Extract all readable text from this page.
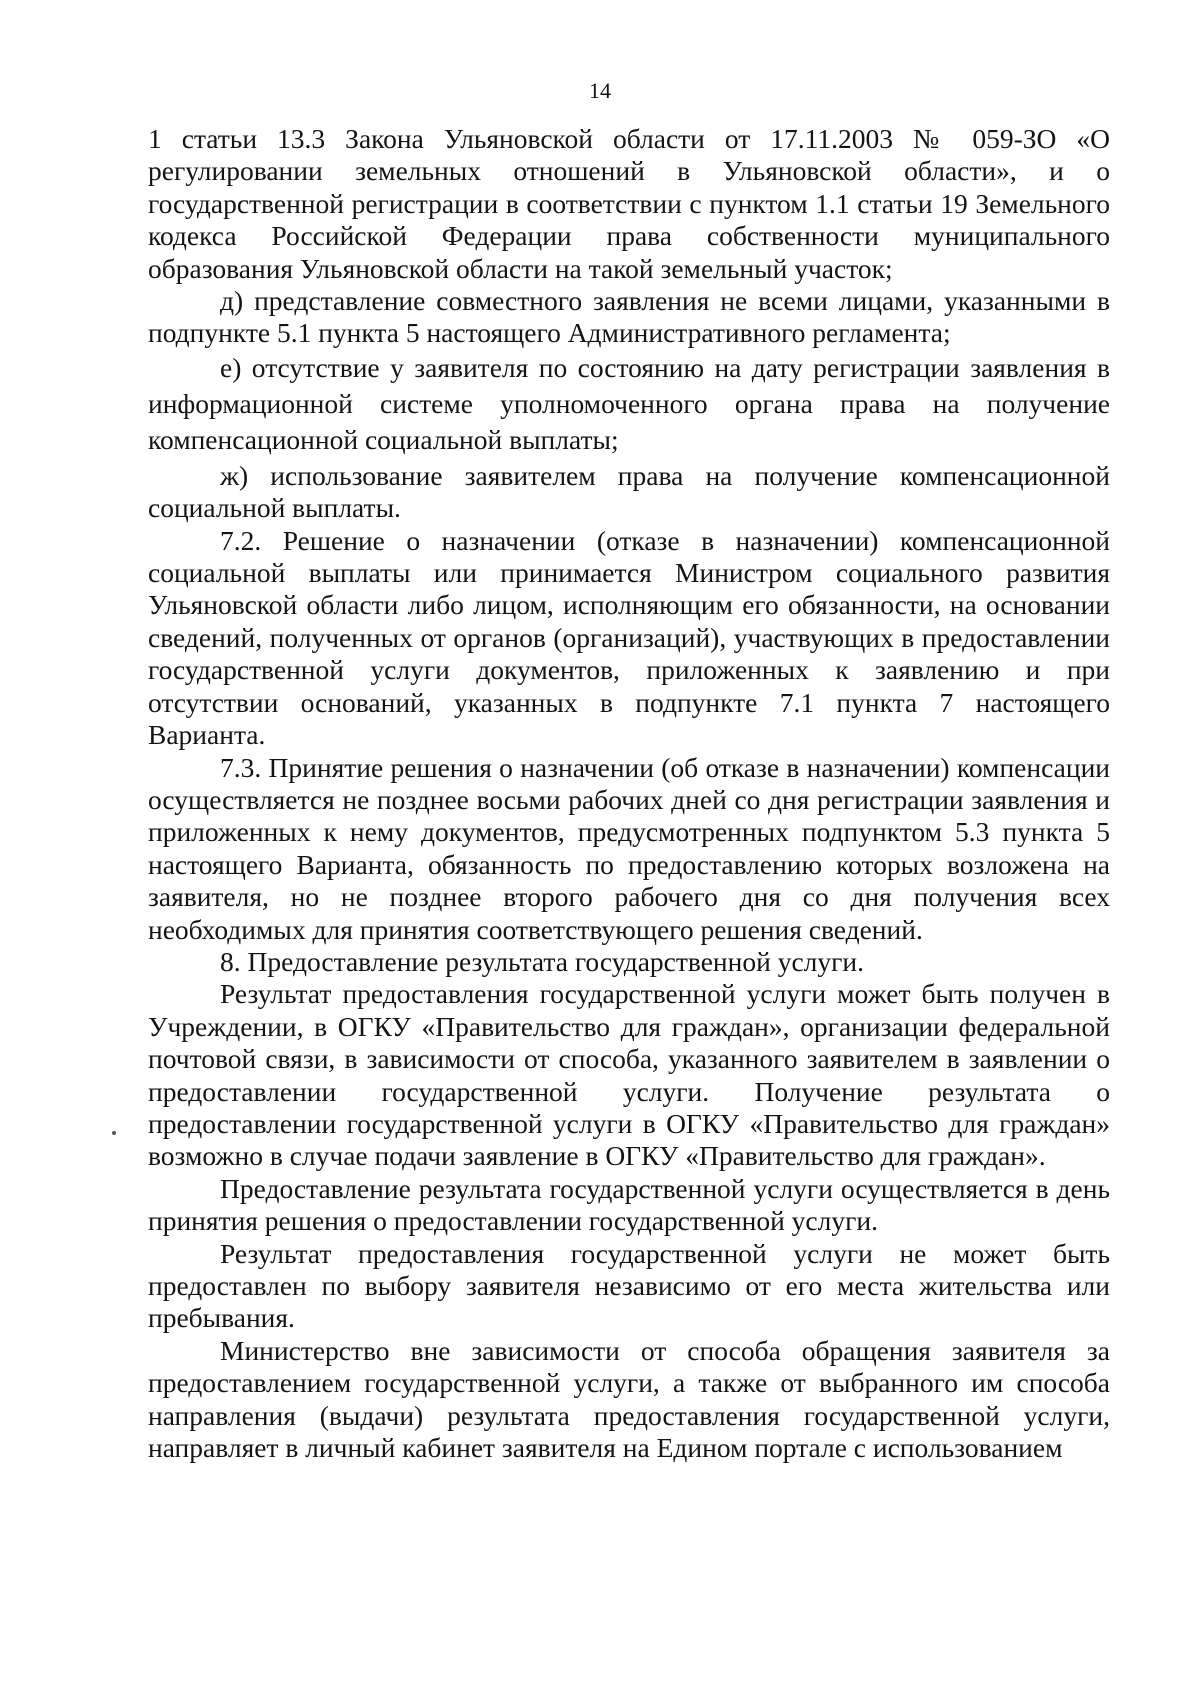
14

1 статьи 13.3 Закона Ульяновской области от 17.11.2003 № 059-ЗО «О регулировании земельных отношений в Ульяновской области», и о государственной регистрации в соответствии с пунктом 1.1 статьи 19 Земельного кодекса Российской Федерации права собственности муниципального образования Ульяновской области на такой земельный участок;

д) представление совместного заявления не всеми лицами, указанными в подпункте 5.1 пункта 5 настоящего Административного регламента;

е) отсутствие у заявителя по состоянию на дату регистрации заявления в информационной системе уполномоченного органа права на получение компенсационной социальной выплаты;

ж) использование заявителем права на получение компенсационной социальной выплаты.

7.2. Решение о назначении (отказе в назначении) компенсационной социальной выплаты или принимается Министром социального развития Ульяновской области либо лицом, исполняющим его обязанности, на основании сведений, полученных от органов (организаций), участвующих в предоставлении государственной услуги документов, приложенных к заявлению и при отсутствии оснований, указанных в подпункте 7.1 пункта 7 настоящего Варианта.

7.3. Принятие решения о назначении (об отказе в назначении) компенсации осуществляется не позднее восьми рабочих дней со дня регистрации заявления и приложенных к нему документов, предусмотренных подпунктом 5.3 пункта 5 настоящего Варианта, обязанность по предоставлению которых возложена на заявителя, но не позднее второго рабочего дня со дня получения всех необходимых для принятия соответствующего решения сведений.

8. Предоставление результата государственной услуги.

Результат предоставления государственной услуги может быть получен в Учреждении, в ОГКУ «Правительство для граждан», организации федеральной почтовой связи, в зависимости от способа, указанного заявителем в заявлении о предоставлении государственной услуги. Получение результата о предоставлении государственной услуги в ОГКУ «Правительство для граждан» возможно в случае подачи заявление в ОГКУ «Правительство для граждан».

Предоставление результата государственной услуги осуществляется в день принятия решения о предоставлении государственной услуги.

Результат предоставления государственной услуги не может быть предоставлен по выбору заявителя независимо от его места жительства или пребывания.

Министерство вне зависимости от способа обращения заявителя за предоставлением государственной услуги, а также от выбранного им способа направления (выдачи) результата предоставления государственной услуги, направляет в личный кабинет заявителя на Едином портале с использованием
